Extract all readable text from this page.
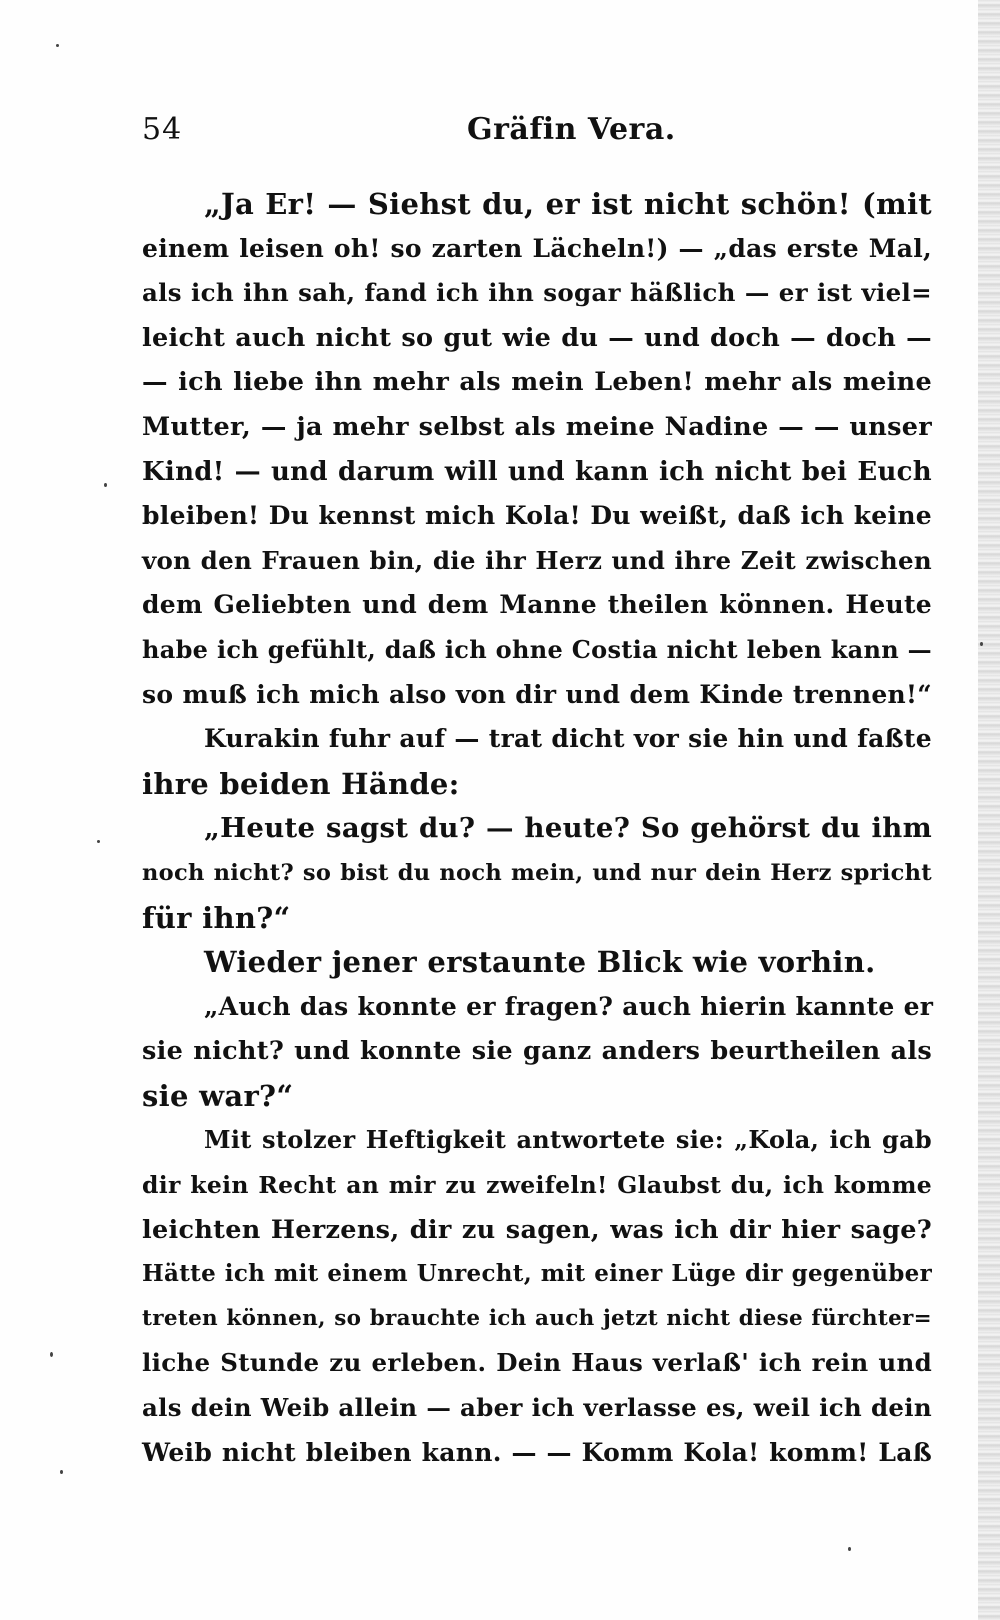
54	Gräfin Vera.
„Ja Er! — Siehst du, er ist nicht schön! (mit
einem leisen oh! so zarten Lächeln!) — „das erste Mal,
als ich ihn sah, fand ich ihn sogar häßlich — er ist viel=
leicht auch nicht so gut wie du — und doch — doch —
— ich liebe ihn mehr als mein Leben! mehr als meine
Mutter, — ja mehr selbst als meine Nadine — — unser
Kind! — und darum will und kann ich nicht bei Euch
bleiben! Du kennst mich Kola! Du weißt, daß ich keine
von den Frauen bin, die ihr Herz und ihre Zeit zwischen
dem Geliebten und dem Manne theilen können. Heute
habe ich gefühlt, daß ich ohne Costia nicht leben kann —
so muß ich mich also von dir und dem Kinde trennen!“
Kurakin fuhr auf — trat dicht vor sie hin und faßte
ihre beiden Hände:
„Heute sagst du? — heute? So gehörst du ihm
noch nicht? so bist du noch mein, und nur dein Herz spricht
für ihn?“
Wieder jener erstaunte Blick wie vorhin.
„Auch das konnte er fragen? auch hierin kannte er
sie nicht? und konnte sie ganz anders beurtheilen als
sie war?“
Mit stolzer Heftigkeit antwortete sie: „Kola, ich gab
dir kein Recht an mir zu zweifeln! Glaubst du, ich komme
leichten Herzens, dir zu sagen, was ich dir hier sage?
Hätte ich mit einem Unrecht, mit einer Lüge dir gegenüber
treten können, so brauchte ich auch jetzt nicht diese fürchter=
liche Stunde zu erleben. Dein Haus verlaß' ich rein und
als dein Weib allein — aber ich verlasse es, weil ich dein
Weib nicht bleiben kann. — — Komm Kola! komm! Laß
